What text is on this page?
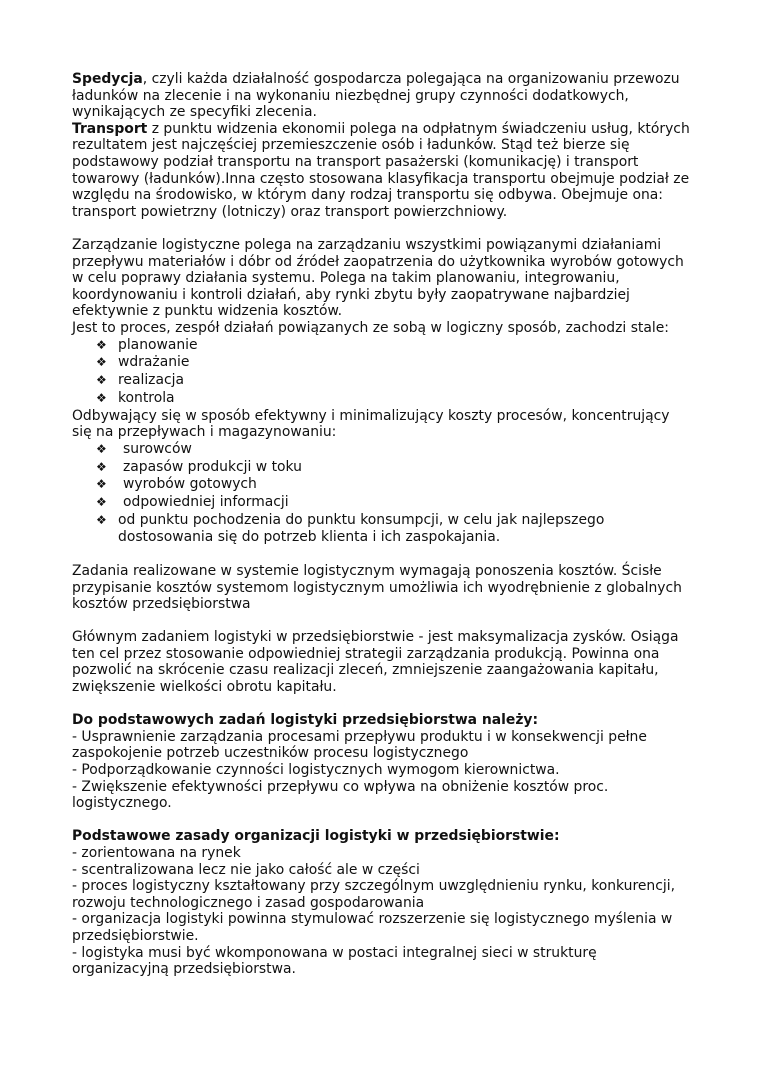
Spedycja, czyli każda działalność gospodarcza polegająca na organizowaniu przewozu ładunków na zlecenie i na wykonaniu niezbędnej grupy czynności dodatkowych, wynikających ze specyfiki zlecenia.

Transport z punktu widzenia ekonomii polega na odpłatnym świadczeniu usług, których rezultatem jest najczęściej przemieszczenie osób i ładunków. Stąd też bierze się podstawowy podział transportu na transport pasażerski (komunikację) i transport towarowy (ładunków).Inna często stosowana klasyfikacja transportu obejmuje podział ze względu na środowisko, w którym dany rodzaj transportu się odbywa. Obejmuje ona: transport powietrzny (lotniczy) oraz transport powierzchniowy.

Zarządzanie logistyczne polega na zarządzaniu wszystkimi powiązanymi działaniami przepływu materiałów i dóbr od źródeł zaopatrzenia do użytkownika wyrobów gotowych w celu poprawy działania systemu. Polega na takim planowaniu, integrowaniu, koordynowaniu i kontroli działań, aby rynki zbytu były zaopatrywane najbardziej efektywnie z punktu widzenia kosztów.

Jest to proces, zespół działań powiązanych ze sobą w logiczny sposób, zachodzi stale:

❖ planowanie
❖ wdrażanie
❖ realizacja
❖ kontrola

Odbywający się w sposób efektywny i minimalizujący koszty procesów, koncentrujący się na przepływach i magazynowaniu:

❖ surowców
❖ zapasów produkcji w toku
❖ wyrobów gotowych
❖ odpowiedniej informacji
❖ od punktu pochodzenia do punktu konsumpcji, w celu jak najlepszego dostosowania się do potrzeb klienta i ich zaspokajania.

Zadania realizowane w systemie logistycznym wymagają ponoszenia kosztów. Ścisłe przypisanie kosztów systemom logistycznym umożliwia ich wyodrębnienie z globalnych kosztów przedsiębiorstwa

Głównym zadaniem logistyki w przedsiębiorstwie - jest maksymalizacja zysków. Osiąga ten cel przez stosowanie odpowiedniej strategii zarządzania produkcją. Powinna ona pozwolić na skrócenie czasu realizacji zleceń, zmniejszenie zaangażowania kapitału, zwiększenie wielkości obrotu kapitału.

Do podstawowych zadań logistyki przedsiębiorstwa należy:

- Usprawnienie zarządzania procesami przepływu produktu i w konsekwencji pełne zaspokojenie potrzeb uczestników procesu logistycznego

- Podporządkowanie czynności logistycznych wymogom kierownictwa.

- Zwiększenie efektywności przepływu co wpływa na obniżenie kosztów proc. logistycznego.

Podstawowe zasady organizacji logistyki w przedsiębiorstwie:

- zorientowana na rynek

- scentralizowana lecz nie jako całość ale w części

- proces logistyczny kształtowany przy szczególnym uwzględnieniu rynku, konkurencji, rozwoju technologicznego i zasad gospodarowania

- organizacja logistyki powinna stymulować rozszerzenie się logistycznego myślenia w przedsiębiorstwie.

- logistyka musi być wkomponowana w postaci integralnej sieci w strukturę organizacyjną przedsiębiorstwa.
